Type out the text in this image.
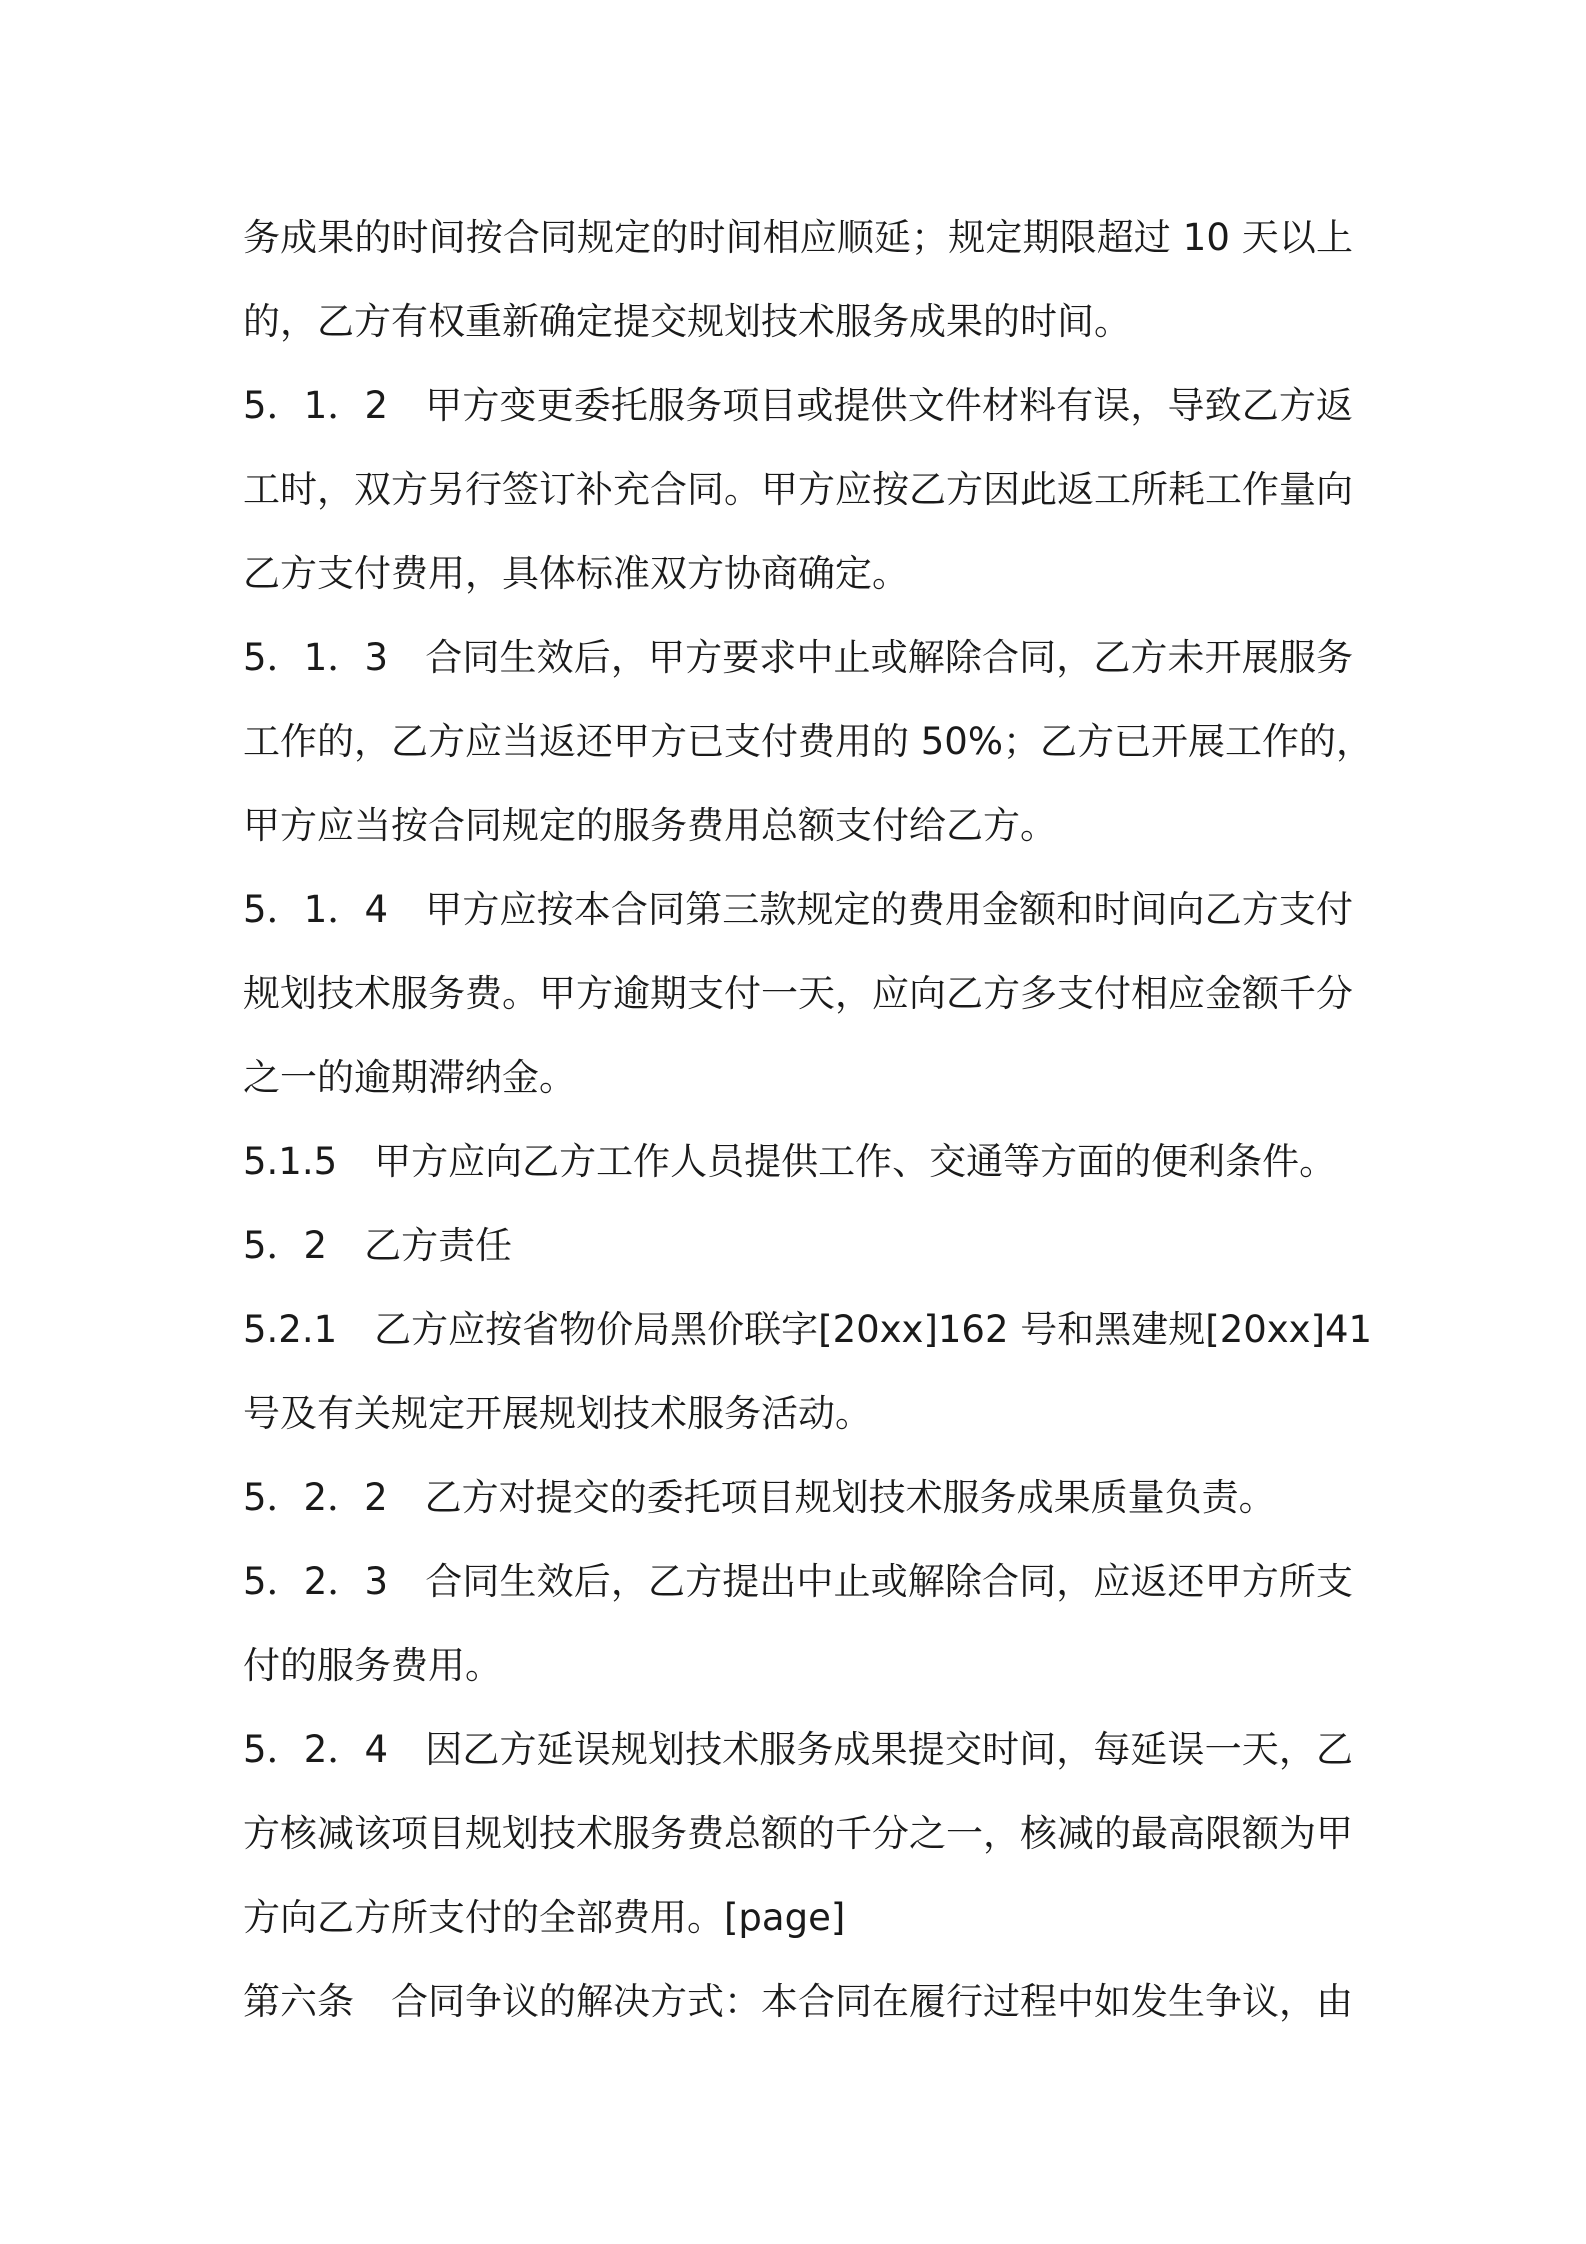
务成果的时间按合同规定的时间相应顺延；规定期限超过 10 天以上
的，乙方有权重新确定提交规划技术服务成果的时间。
5．1．2　甲方变更委托服务项目或提供文件材料有误，导致乙方返
工时，双方另行签订补充合同。甲方应按乙方因此返工所耗工作量向
乙方支付费用，具体标准双方协商确定。
5．1．3　合同生效后，甲方要求中止或解除合同，乙方未开展服务
工作的，乙方应当返还甲方已支付费用的 50%；乙方已开展工作的，
甲方应当按合同规定的服务费用总额支付给乙方。
5．1．4　甲方应按本合同第三款规定的费用金额和时间向乙方支付
规划技术服务费。甲方逾期支付一天，应向乙方多支付相应金额千分
之一的逾期滞纳金。
5.1.5　甲方应向乙方工作人员提供工作、交通等方面的便利条件。
5．2　乙方责任
5.2.1　乙方应按省物价局黑价联字[20xx]162 号和黑建规[20xx]41
号及有关规定开展规划技术服务活动。
5．2．2　乙方对提交的委托项目规划技术服务成果质量负责。
5．2．3　合同生效后，乙方提出中止或解除合同，应返还甲方所支
付的服务费用。
5．2．4　因乙方延误规划技术服务成果提交时间，每延误一天，乙
方核减该项目规划技术服务费总额的千分之一，核减的最高限额为甲
方向乙方所支付的全部费用。[page]
第六条　合同争议的解决方式：本合同在履行过程中如发生争议，由
